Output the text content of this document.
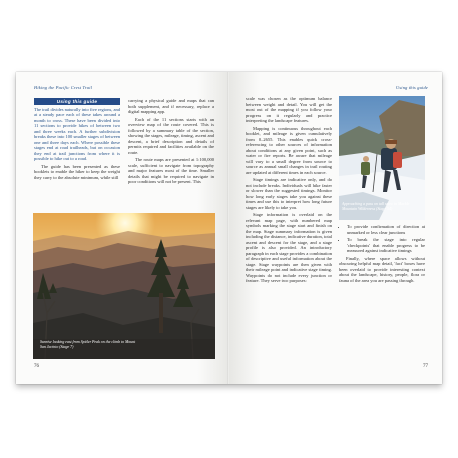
Hiking the Pacific Crest Trail
Using this guide

The trail divides naturally into five regions, and at a steady pace each of these takes around a month to cross. These have been divided into 11 sections to provide hikes of between two and three weeks each. A further subdivision breaks these into 100 smaller stages of between one and three days each. Where possible these stages end at road trailheads, but on occasion they end at trail junctions from where it is possible to hike out to a road.

The guide has been presented as these booklets to enable the hiker to keep the weight they carry to the absolute minimum, while still

carrying a physical guide and maps that can both supplement, and if necessary, replace a digital mapping app.

Each of the 11 sections starts with an overview map of the route covered. This is followed by a summary table of the section, showing the stages, mileage, timing, ascent and descent, a brief description and details of permits required and facilities available on the route.

The route maps are presented at 1:100,000 scale, sufficient to navigate from topography and major features most of the time. Smaller details that might be required to navigate in poor conditions will not be present. This

Sunrise looking east from Spitler Peak on the climb to Mount San Jacinto (Stage 7)
76
Using this guide

scale was chosen as the optimum balance between weight and detail. You will get the most out of the mapping if you follow your progress on it regularly and practice interpreting the landscape features.

Mapping is continuous throughout each booklet, and mileage is given cumulatively from 0–2655. This enables quick cross-referencing to other sources of information about conditions at any given point, such as water or fire reports. Be aware that mileage will vary to a small degree from source to source as annual small changes in trail routing are updated at different times in each source.

Stage timings are indicative only, and do not include breaks. Individuals will hike faster or slower than the suggested timings. Monitor how long early stages take you against these times and use this to interpret how long future stages are likely to take you.

Stage information is overlaid on the relevant map page, with numbered map symbols marking the stage start and finish on the map. Stage summary information is given including the distance, indicative duration, total ascent and descent for the stage, and a stage profile is also provided. An introductory paragraph in each stage provides a combination of descriptive and useful information about the stage. Stage waypoints are then given with their mileage point and indicative stage timing. Waypoints do not include every junction or feature. They serve two purposes:

Approaching a pass on tall snow in Marble Mountain Wilderness (Stage 54)
• To provide confirmation of direction at unmarked or less clear junctions
• To break the stage into regular 'checkpoints' that enable progress to be measured against indicative timings

Finally, where space allows without obscuring helpful map detail, 'fact' boxes have been overlaid to provide interesting context about the landscape, history, people, flora or fauna of the area you are passing through.

77
